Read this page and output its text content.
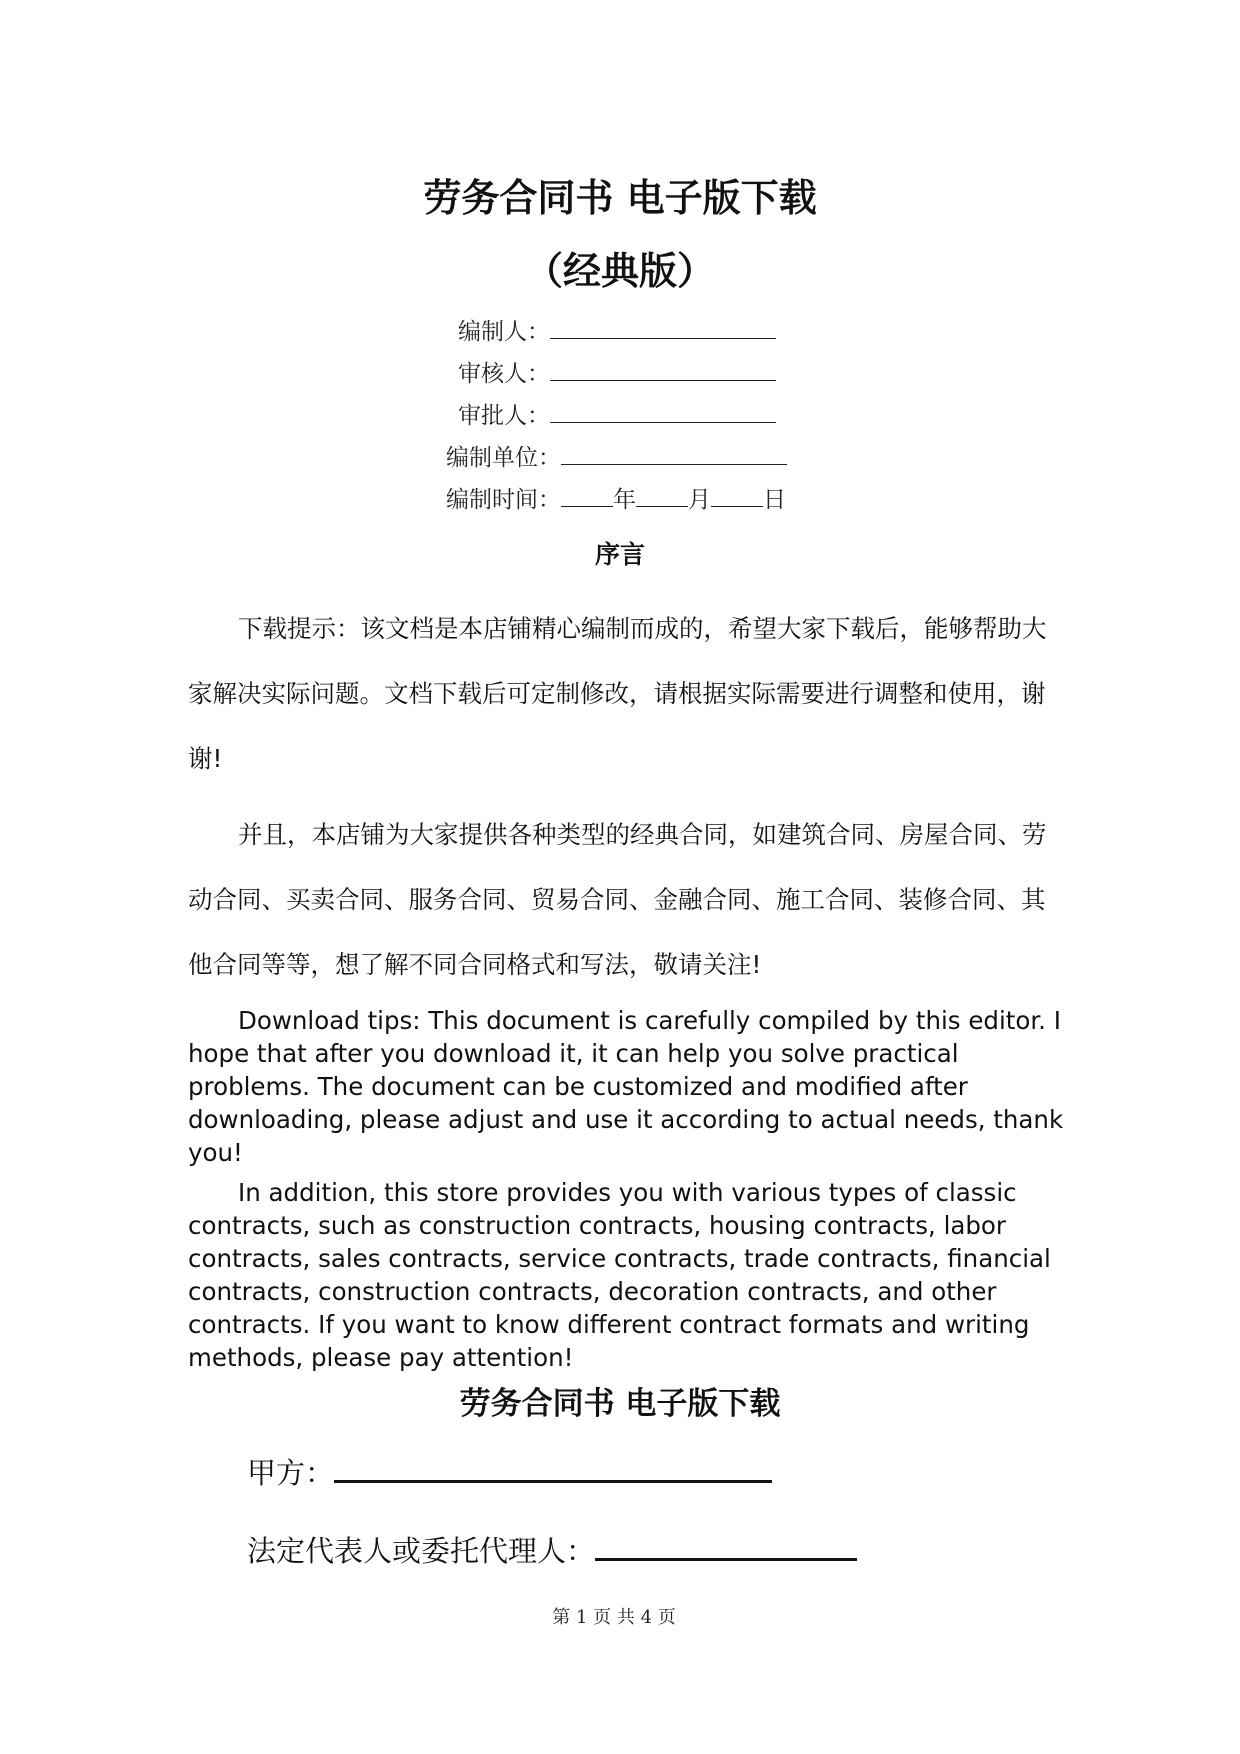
劳务合同书 电子版下载
（经典版）
编制人：
审核人：
审批人：
编制单位：
编制时间： 年 月 日
序言

下载提示：该文档是本店铺精心编制而成的，希望大家下载后，能够帮助大家解决实际问题。文档下载后可定制修改，请根据实际需要进行调整和使用，谢谢!

并且，本店铺为大家提供各种类型的经典合同，如建筑合同、房屋合同、劳动合同、买卖合同、服务合同、贸易合同、金融合同、施工合同、装修合同、其他合同等等，想了解不同合同格式和写法，敬请关注!

Download tips: This document is carefully compiled by this editor. I hope that after you download it, it can help you solve practical problems. The document can be customized and modified after downloading, please adjust and use it according to actual needs, thank you!

In addition, this store provides you with various types of classic contracts, such as construction contracts, housing contracts, labor contracts, sales contracts, service contracts, trade contracts, financial contracts, construction contracts, decoration contracts, and other contracts. If you want to know different contract formats and writing methods, please pay attention!

劳务合同书 电子版下载
甲方：
法定代表人或委托代理人：
第 1 页 共 4 页
